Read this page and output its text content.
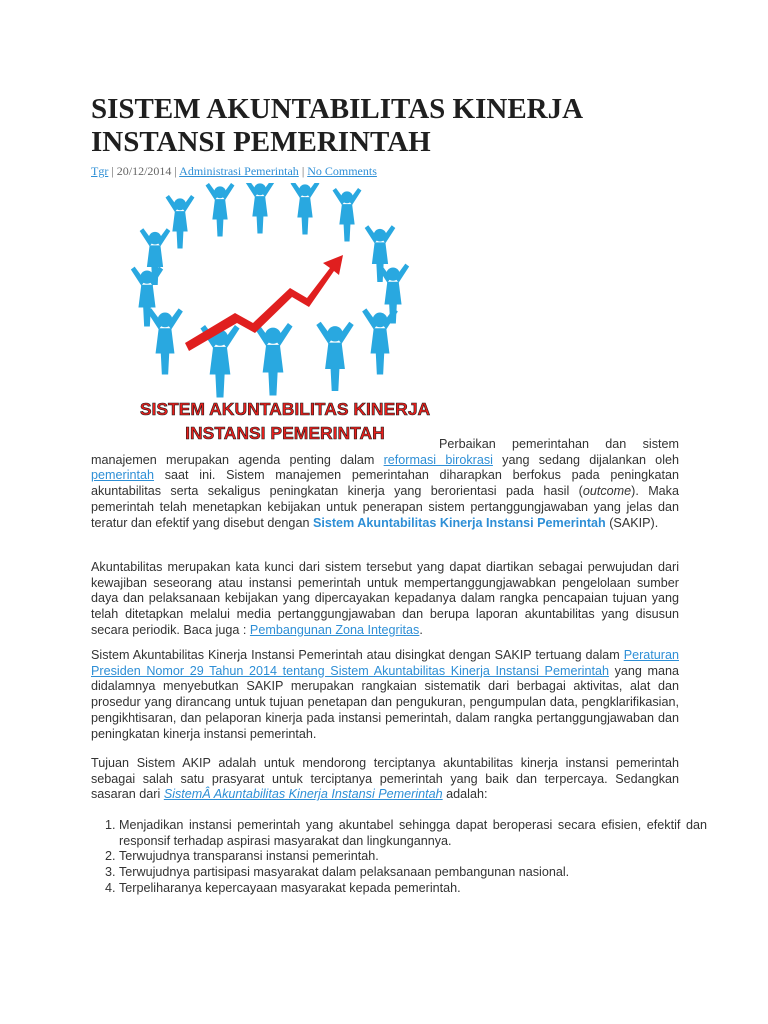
SISTEM AKUNTABILITAS KINERJA INSTANSI PEMERINTAH
Tgr | 20/12/2014 | Administrasi Pemerintah | No Comments
SISTEM AKUNTABILITAS KINERJA
INSTANSI PEMERINTAH

Perbaikan pemerintahan dan sistem manajemen merupakan agenda penting dalam reformasi birokrasi yang sedang dijalankan oleh pemerintah saat ini. Sistem manajemen pemerintahan diharapkan berfokus pada peningkatan akuntabilitas serta sekaligus peningkatan kinerja yang berorientasi pada hasil (outcome). Maka pemerintah telah menetapkan kebijakan untuk penerapan sistem pertanggungjawaban yang jelas dan teratur dan efektif yang disebut dengan Sistem Akuntabilitas Kinerja Instansi Pemerintah (SAKIP).

Akuntabilitas merupakan kata kunci dari sistem tersebut yang dapat diartikan sebagai perwujudan dari kewajiban seseorang atau instansi pemerintah untuk mempertanggungjawabkan pengelolaan sumber daya dan pelaksanaan kebijakan yang dipercayakan kepadanya dalam rangka pencapaian tujuan yang telah ditetapkan melalui media pertanggungjawaban dan berupa laporan akuntabilitas yang disusun secara periodik. Baca juga : Pembangunan Zona Integritas.

Sistem Akuntabilitas Kinerja Instansi Pemerintah atau disingkat dengan SAKIP tertuang dalam Peraturan Presiden Nomor 29 Tahun 2014 tentang Sistem Akuntabilitas Kinerja Instansi Pemerintah yang mana didalamnya menyebutkan SAKIP merupakan rangkaian sistematik dari berbagai aktivitas, alat dan prosedur yang dirancang untuk tujuan penetapan dan pengukuran, pengumpulan data, pengklarifikasian, pengikhtisaran, dan pelaporan kinerja pada instansi pemerintah, dalam rangka pertanggungjawaban dan peningkatan kinerja instansi pemerintah.

Tujuan Sistem AKIP adalah untuk mendorong terciptanya akuntabilitas kinerja instansi pemerintah sebagai salah satu prasyarat untuk terciptanya pemerintah yang baik dan terpercaya. Sedangkan sasaran dari SistemÂ Akuntabilitas Kinerja Instansi Pemerintah adalah:

1. Menjadikan instansi pemerintah yang akuntabel sehingga dapat beroperasi secara efisien, efektif dan responsif terhadap aspirasi masyarakat dan lingkungannya.
2. Terwujudnya transparansi instansi pemerintah.
3. Terwujudnya partisipasi masyarakat dalam pelaksanaan pembangunan nasional.
4. Terpeliharanya kepercayaan masyarakat kepada pemerintah.
